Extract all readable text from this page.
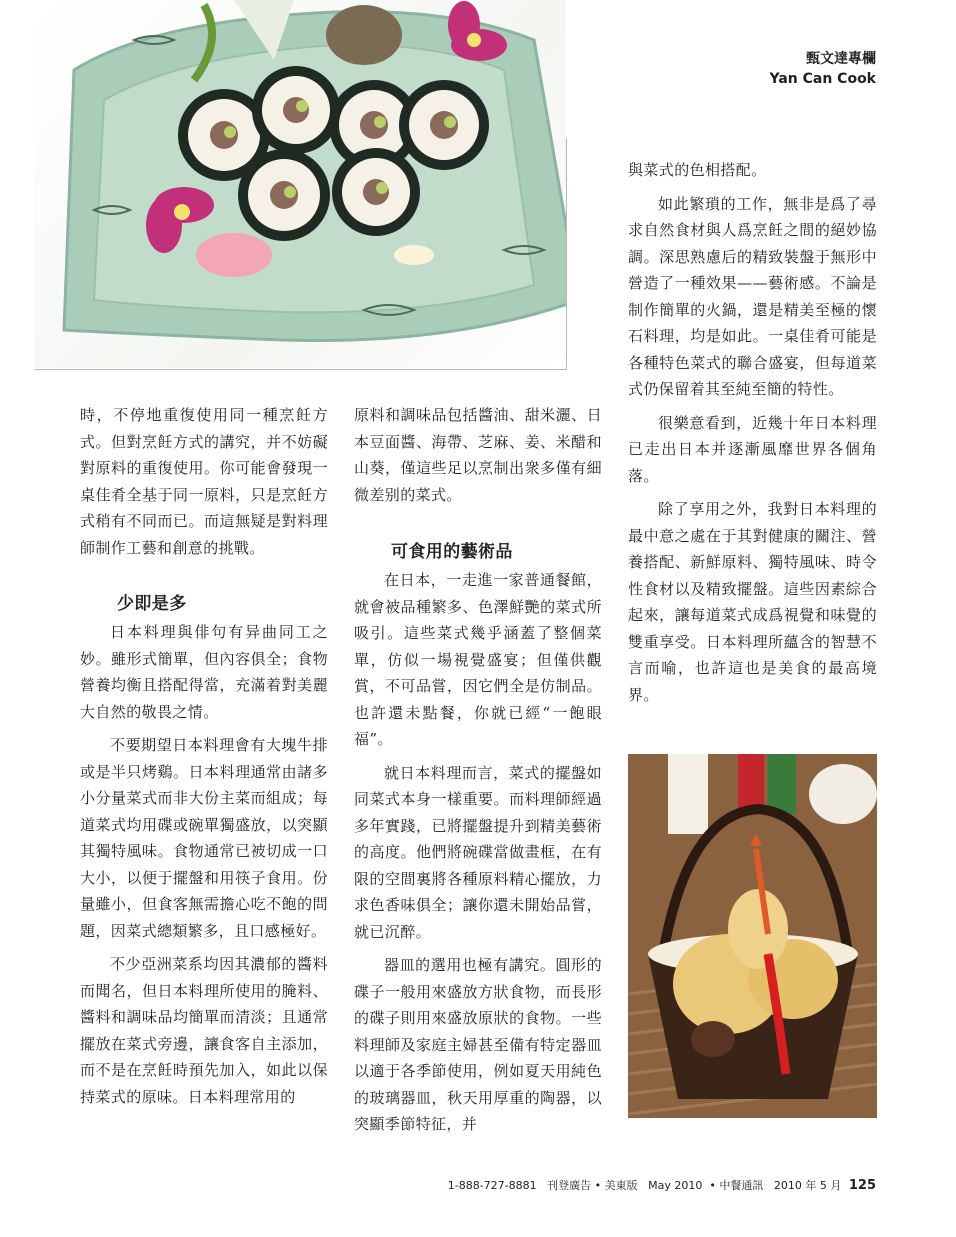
甄文達專欄
Yan Can Cook

時，不停地重復使用同一種烹飪方式。但對烹飪方式的講究，并不妨礙對原料的重復使用。你可能會發現一桌佳肴全基于同一原料，只是烹飪方式稍有不同而已。而這無疑是對料理師制作工藝和創意的挑戰。

少即是多

日本料理與俳句有异曲同工之妙。雖形式簡單，但內容俱全；食物營養均衡且搭配得當，充滿着對美麗大自然的敬畏之情。

不要期望日本料理會有大塊牛排或是半只烤鷄。日本料理通常由諸多小分量菜式而非大份主菜而組成；每道菜式均用碟或碗單獨盛放，以突顯其獨特風味。食物通常已被切成一口大小，以便于擺盤和用筷子食用。份量雖小，但食客無需擔心吃不飽的問題，因菜式總類繁多，且口感極好。

不少亞洲菜系均因其濃郁的醬料而聞名，但日本料理所使用的腌料、醬料和調味品均簡單而清淡；且通常擺放在菜式旁邊，讓食客自主添加，而不是在烹飪時預先加入，如此以保持菜式的原味。日本料理常用的

原料和調味品包括醬油、甜米灑、日本豆面醬、海帶、芝麻、姜、米醋和山葵，僅這些足以烹制出衆多僅有細微差别的菜式。

可食用的藝術品

在日本，一走進一家普通餐館，就會被品種繁多、色澤鮮艷的菜式所吸引。這些菜式幾乎涵蓋了整個菜單，仿似一場視覺盛宴；但僅供觀賞，不可品嘗，因它們全是仿制品。也許還未點餐，你就已經“一飽眼福”。

就日本料理而言，菜式的擺盤如同菜式本身一樣重要。而料理師經過多年實踐，已將擺盤提升到精美藝術的高度。他們將碗碟當做畫框，在有限的空間裏將各種原料精心擺放，力求色香味俱全；讓你還未開始品嘗，就已沉醉。

器皿的選用也極有講究。圓形的碟子一般用來盛放方狀食物，而長形的碟子則用來盛放原狀的食物。一些料理師及家庭主婦甚至備有特定器皿以適于各季節使用，例如夏天用純色的玻璃器皿，秋天用厚重的陶器，以突顯季節特征，并

與菜式的色相搭配。

如此繁瑣的工作，無非是爲了尋求自然食材與人爲烹飪之間的絕妙協調。深思熟慮后的精致裝盤于無形中營造了一種效果——藝術感。不論是制作簡單的火鍋，還是精美至極的懷石料理，均是如此。一桌佳肴可能是各種特色菜式的聯合盛宴，但每道菜式仍保留着其至純至簡的特性。

很樂意看到，近幾十年日本料理已走出日本并逐漸風靡世界各個角落。

除了享用之外，我對日本料理的最中意之處在于其對健康的關注、營養搭配、新鮮原料、獨特風味、時令性食材以及精致擺盤。這些因素綜合起來，讓每道菜式成爲視覺和味覺的雙重享受。日本料理所蘊含的智慧不言而喻，也許這也是美食的最高境界。

1-888-727-8881 刊登廣告 • 美東版 May 2010 • 中餐通訊 2010 年 5 月 125
